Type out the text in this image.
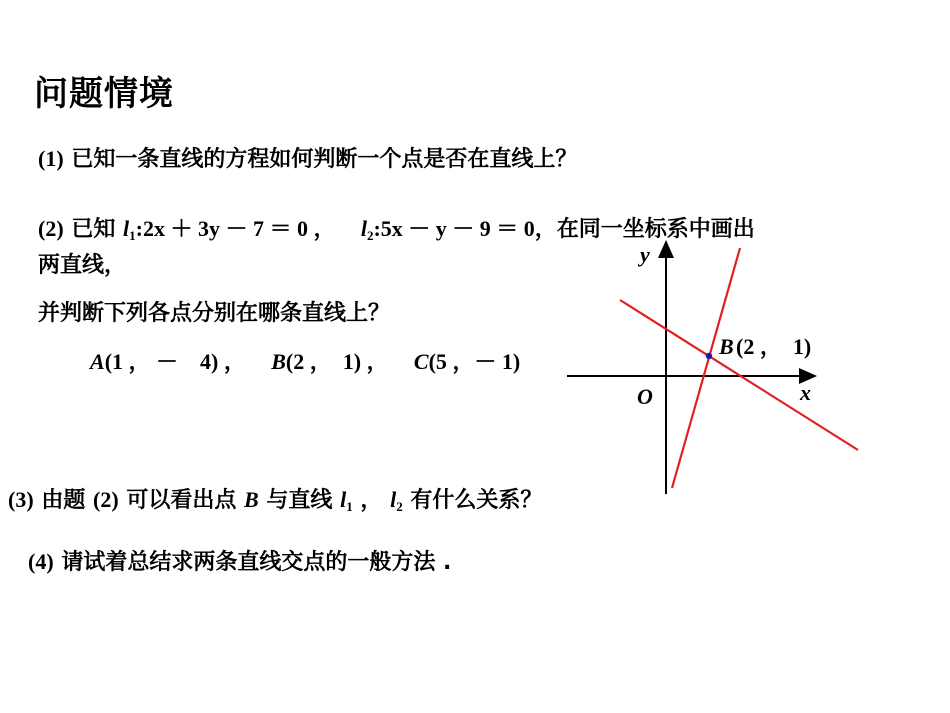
问题情境
(1) 已知一条直线的方程如何判断一个点是否在直线上？
(2) 已知 $l_1:2x + 3y - 7 = 0$ ， $l_2:5x - y - 9 = 0$，在同一坐标系中画出
两直线，
并判断下列各点分别在哪条直线上？
A(1 ， －　4) ， B(2 ，　1) ， C(5 ，－ 1)
(3) 由题 (2) 可以看出点 B 与直线 $l_1$ ， $l_2$ 有什么关系？
(4) 请试着总结求两条直线交点的一般方法 .
y
x
O
B (2 ，　1)
